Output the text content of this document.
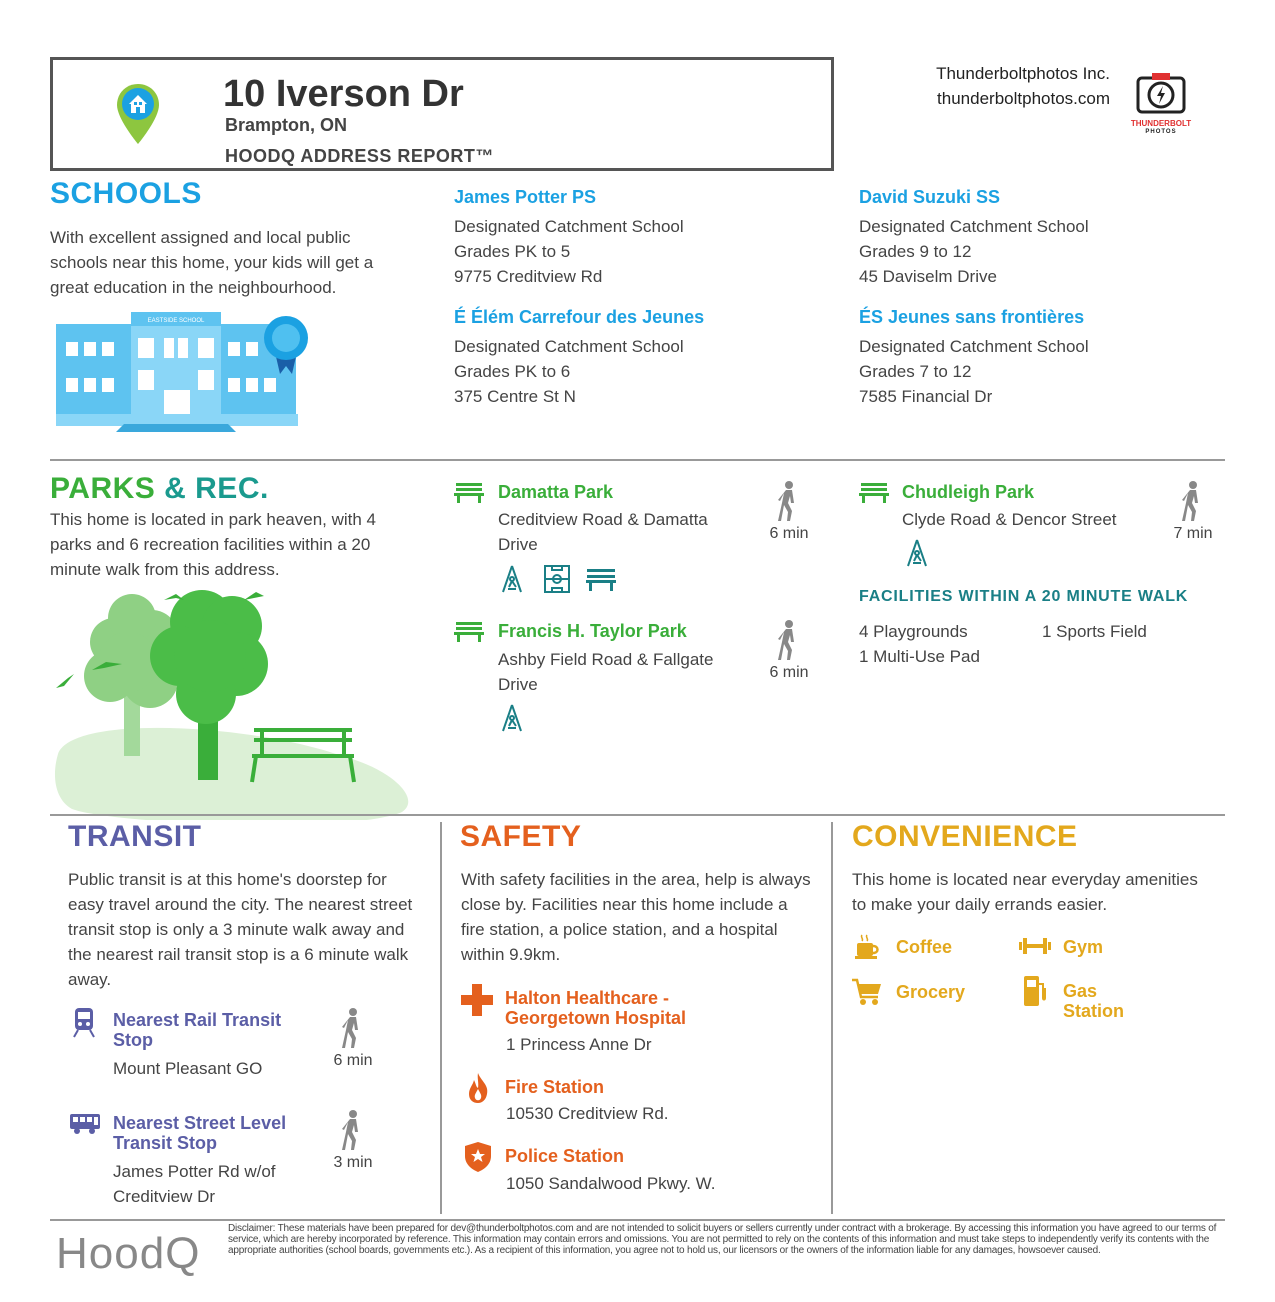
10 Iverson Dr
Brampton, ON
HOODQ ADDRESS REPORT™
Thunderboltphotos Inc.
thunderboltphotos.com
THUNDERBOLT
PHOTOS
SCHOOLS
With excellent assigned and local public schools near this home, your kids will get a great education in the neighbourhood.
EASTSIDE SCHOOL
James Potter PS
Designated Catchment School
Grades PK to 5
9775 Creditview Rd
David Suzuki SS
Designated Catchment School
Grades 9 to 12
45 Daviselm Drive
É Élém Carrefour des Jeunes
Designated Catchment School
Grades PK to 6
375 Centre St N
ÉS Jeunes sans frontières
Designated Catchment School
Grades 7 to 12
7585 Financial Dr
PARKS & REC.
This home is located in park heaven, with 4 parks and 6 recreation facilities within a 20 minute walk from this address.
Damatta Park
Creditview Road & Damatta Drive
6 min
Chudleigh Park
Clyde Road & Dencor Street
7 min
Francis H. Taylor Park
Ashby Field Road & Fallgate Drive
6 min
FACILITIES WITHIN A 20 MINUTE WALK
4 Playgrounds	1 Sports Field
1 Multi-Use Pad
TRANSIT
Public transit is at this home's doorstep for easy travel around the city. The nearest street transit stop is only a 3 minute walk away and the nearest rail transit stop is a 6 minute walk away.
Nearest Rail Transit Stop
Mount Pleasant GO	6 min
Nearest Street Level Transit Stop
James Potter Rd w/of Creditview Dr
3 min
SAFETY
With safety facilities in the area, help is always close by. Facilities near this home include a fire station, a police station, and a hospital within 9.9km.
Halton Healthcare - Georgetown Hospital
1 Princess Anne Dr
Fire Station
10530 Creditview Rd.
Police Station
1050 Sandalwood Pkwy. W.
CONVENIENCE
This home is located near everyday amenities to make your daily errands easier.
Coffee	Gym
Grocery	Gas Station
HoodQ
Disclaimer: These materials have been prepared for dev@thunderboltphotos.com and are not intended to solicit buyers or sellers currently under contract with a brokerage. By accessing this information you have agreed to our terms of service, which are hereby incorporated by reference. This information may contain errors and omissions. You are not permitted to rely on the contents of this information and must take steps to independently verify its contents with the appropriate authorities (school boards, governments etc.). As a recipient of this information, you agree not to hold us, our licensors or the owners of the information liable for any damages, howsoever caused.
